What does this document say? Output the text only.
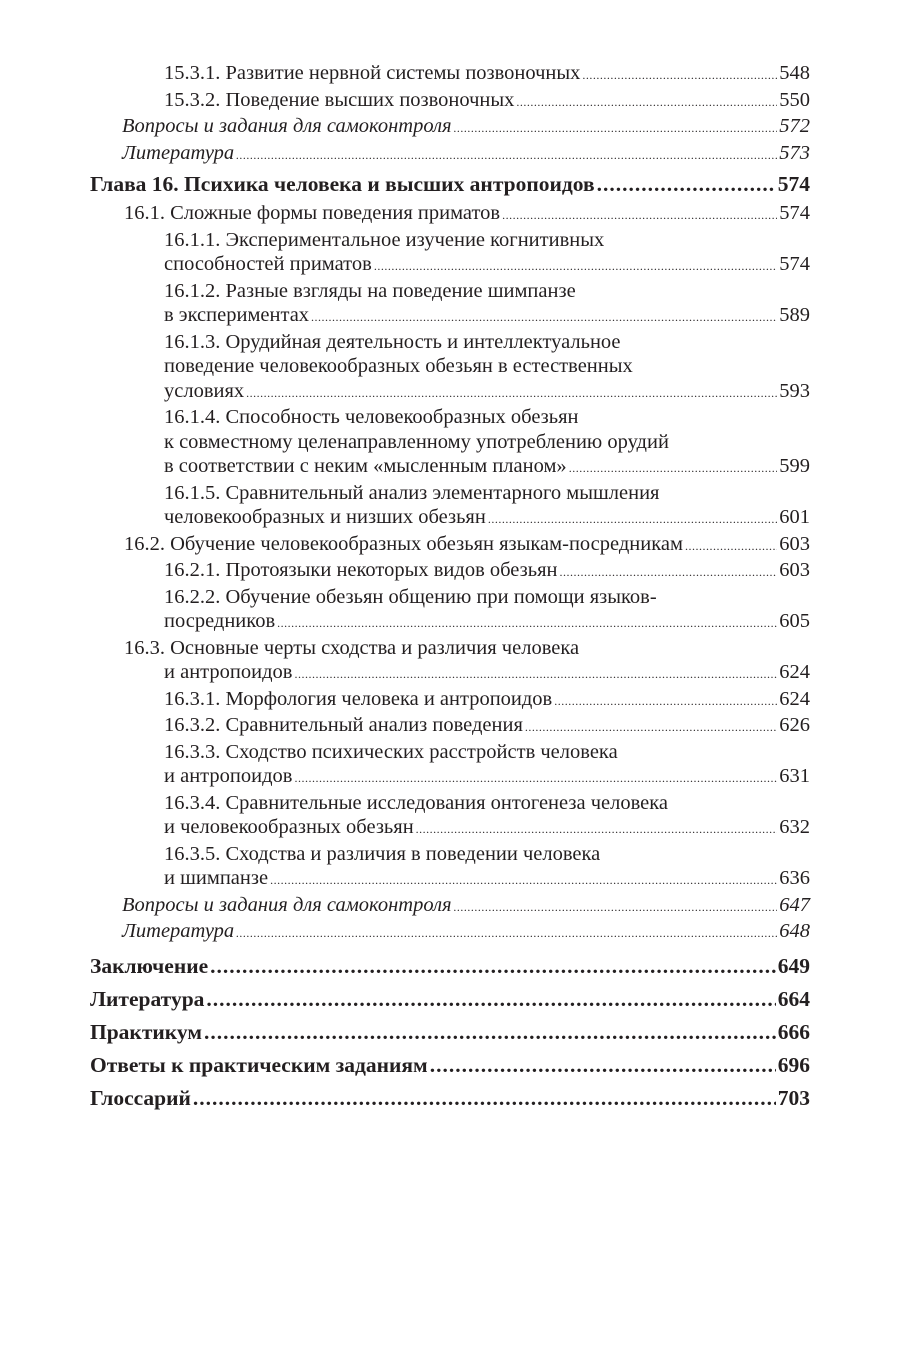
15.3.1. Развитие нервной системы позвоночных .....	548
15.3.2. Поведение высших позвоночных .....	550
Вопросы и задания для самоконтроля .....	572
Литература .....	573
Глава 16. Психика человека и высших антропоидов .....	574
16.1. Сложные формы поведения приматов .....	574
16.1.1. Экспериментальное изучение когнитивных
способностей приматов .....	574
16.1.2. Разные взгляды на поведение шимпанзе
в экспериментах .....	589
16.1.3. Орудийная деятельность и интеллектуальное
поведение человекообразных обезьян в естественных
условиях .....	593
16.1.4. Способность человекообразных обезьян
к совместному целенаправленному употреблению орудий
в соответствии с неким «мысленным планом» .....	599
16.1.5. Сравнительный анализ элементарного мышления
человекообразных и низших обезьян .....	601
16.2. Обучение человекообразных обезьян языкам-посредникам .....	603
16.2.1. Протоязыки некоторых видов обезьян .....	603
16.2.2. Обучение обезьян общению при помощи языков-
посредников .....	605
16.3. Основные черты сходства и различия человека
и антропоидов .....	624
16.3.1. Морфология человека и антропоидов .....	624
16.3.2. Сравнительный анализ поведения .....	626
16.3.3. Сходство психических расстройств человека
и антропоидов .....	631
16.3.4. Сравнительные исследования онтогенеза человека
и человекообразных обезьян .....	632
16.3.5. Сходства и различия в поведении человека
и шимпанзе .....	636
Вопросы и задания для самоконтроля .....	647
Литература .....	648
Заключение .....	649
Литература .....	664
Практикум .....	666
Ответы к практическим заданиям .....	696
Глоссарий .....	703
